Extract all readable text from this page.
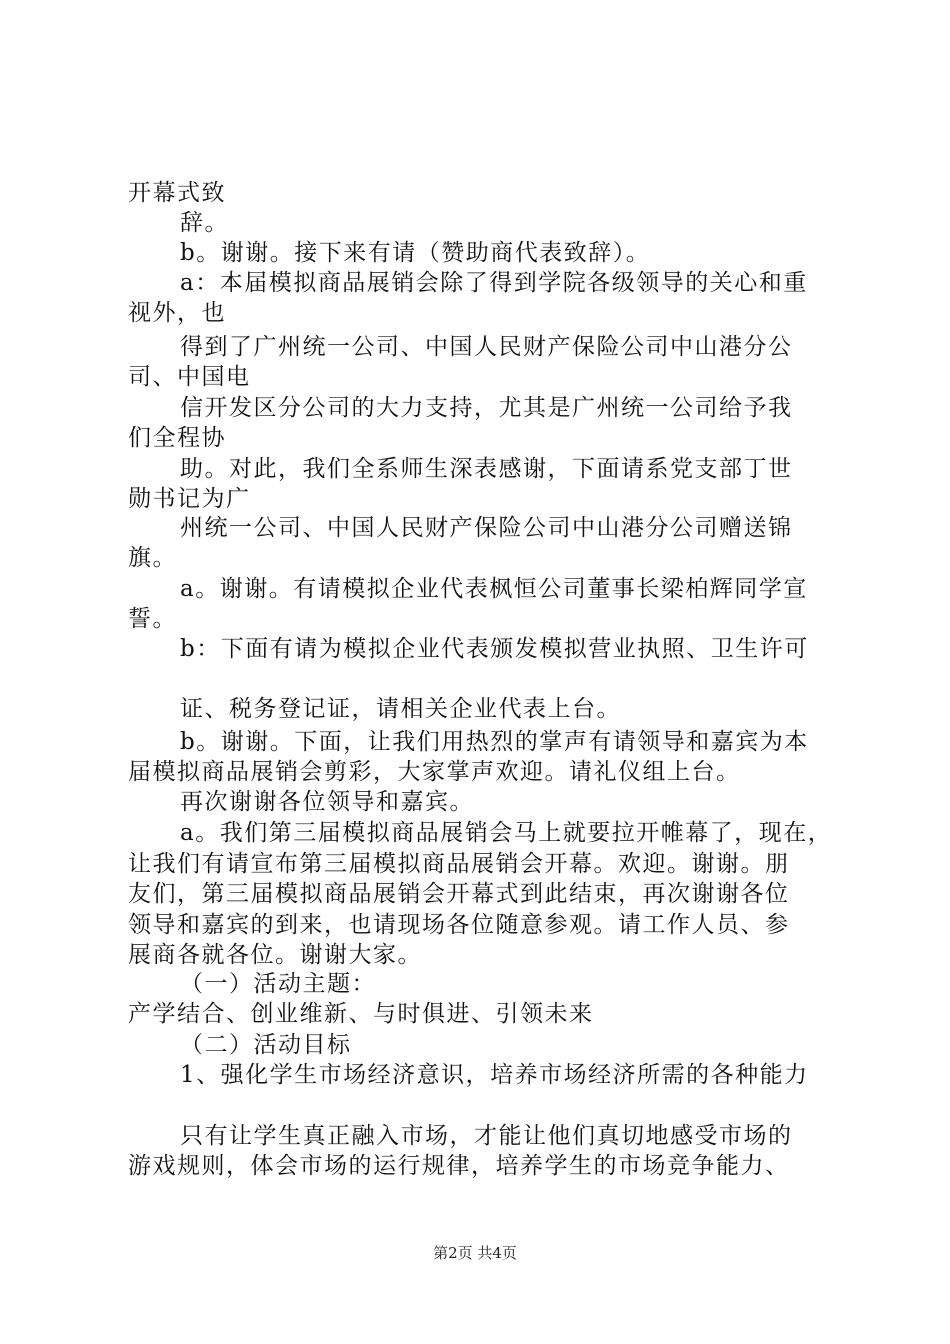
开幕式致
辞。
b。谢谢。接下来有请（赞助商代表致辞）。
a：本届模拟商品展销会除了得到学院各级领导的关心和重
视外，也
得到了广州统一公司、中国人民财产保险公司中山港分公
司、中国电
信开发区分公司的大力支持，尤其是广州统一公司给予我
们全程协
助。对此，我们全系师生深表感谢，下面请系党支部丁世
勋书记为广
州统一公司、中国人民财产保险公司中山港分公司赠送锦
旗。
a。谢谢。有请模拟企业代表枫恒公司董事长梁柏辉同学宣
誓。
b：下面有请为模拟企业代表颁发模拟营业执照、卫生许可
证、税务登记证，请相关企业代表上台。
b。谢谢。下面，让我们用热烈的掌声有请领导和嘉宾为本
届模拟商品展销会剪彩，大家掌声欢迎。请礼仪组上台。
再次谢谢各位领导和嘉宾。
a。我们第三届模拟商品展销会马上就要拉开帷幕了，现在，
让我们有请宣布第三届模拟商品展销会开幕。欢迎。谢谢。朋
友们，第三届模拟商品展销会开幕式到此结束，再次谢谢各位
领导和嘉宾的到来，也请现场各位随意参观。请工作人员、参
展商各就各位。谢谢大家。
（一）活动主题：
产学结合、创业维新、与时俱进、引领未来
（二）活动目标
1、强化学生市场经济意识，培养市场经济所需的各种能力
只有让学生真正融入市场，才能让他们真切地感受市场的
游戏规则，体会市场的运行规律，培养学生的市场竞争能力、
第2页 共4页
